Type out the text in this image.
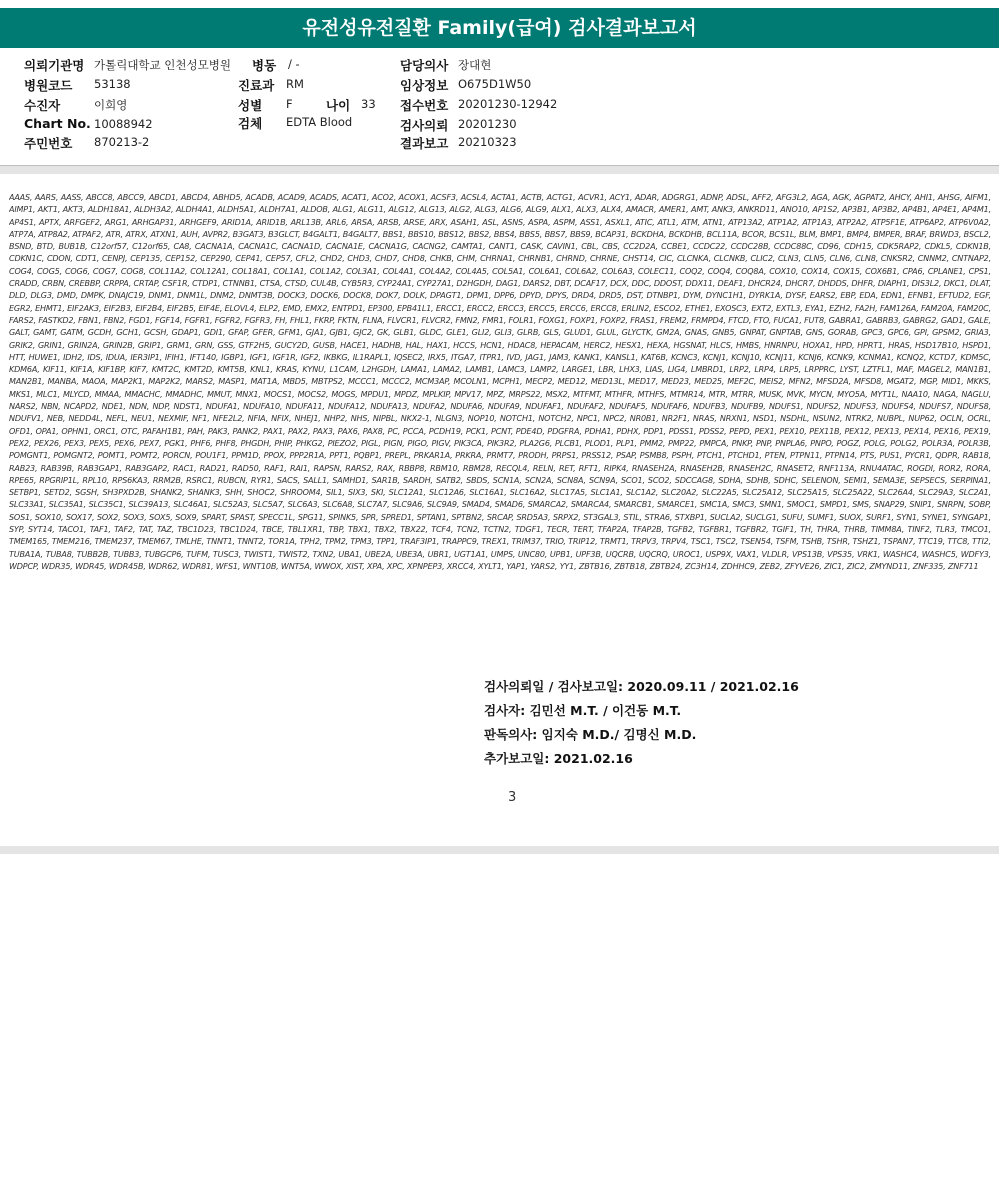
유전성유전질환 Family(급여) 검사결과보고서
의뢰기관명 가톨릭대학교 인천성모병원 병동 / -
병원코드 53138	진료과 RM
수진자	이희영	성별 F	나이 33
Chart No. 10088942	검체 EDTA Blood
주민번호 870213-2
담당의사 장대현
임상정보 O675D1W50
접수번호 20201230-12942
검사의뢰 20201230
결과보고 20210323
AAAS, AARS, AASS, ABCC8, ABCC9, ABCD1, ABCD4, ABHD5, ACADB, ACAD9, ACADS, ACAT1, ACO2, ACOX1, ACSF3, ACSL4, ACTA1, ACTB, ACTG1, ACVR1, ACY1, ADAR, ADGRG1, ADNP, ADSL, AFF2, AFG3L2, AGA, AGK, AGPAT2, AHCY, AHI1, AHSG, AIFM1, AIMP1, AKT1, AKT3, ALDH18A1, ALDH3A2, ALDH4A1, ALDH5A1, ALDH7A1, ALDOB, ALG1, ALG11, ALG12, ALG13, ALG2, ALG3, ALG6, ALG9, ALX1, ALX3, ALX4, AMACR, AMER1, AMT, ANK3, ANKRD11, ANO10, AP1S2, AP3B1, AP3B2, AP4B1, AP4E1, AP4M1, AP4S1, APTX, ARFGEF2, ARG1, ARHGAP31, ARHGEF9, ARID1A, ARID1B, ARL13B, ARL6, ARSA, ARSB, ARSE, ARX, ASAH1, ASL, ASNS, ASPA, ASPM, ASS1, ASXL1, ATIC, ATL1, ATM, ATN1, ATP13A2, ATP1A2, ATP1A3, ATP2A2, ATP5F1E, ATP6AP2, ATP6V0A2, ATP7A, ATP8A2, ATPAF2, ATR, ATRX, ATXN1, AUH, AVPR2, B3GAT3, B3GLCT, B4GALT1, B4GALT7, BBS1, BBS10, BBS12, BBS2, BBS4, BBS5, BBS7, BBS9, BCAP31, BCKDHA, BCKDHB, BCL11A, BCOR, BCS1L, BLM, BMP1, BMP4, BMPER, BRAF, BRWD3, BSCL2, BSND, BTD, BUB1B, C12orf57, C12orf65, CA8, CACNA1A, CACNA1C, CACNA1D, CACNA1E, CACNA1G, CACNG2, CAMTA1, CANT1, CASK, CAVIN1, CBL, CBS, CC2D2A, CCBE1, CCDC22, CCDC28B, CCDC88C, CD96, CDH15, CDK5RAP2, CDKL5, CDKN1B, CDKN1C, CDON, CDT1, CENPJ, CEP135, CEP152, CEP290, CEP41, CEP57, CFL2, CHD2, CHD3, CHD7, CHD8, CHKB, CHM, CHRNA1, CHRNB1, CHRND, CHRNE, CHST14, CIC, CLCNKA, CLCNKB, CLIC2, CLN3, CLN5, CLN6, CLN8, CNKSR2, CNNM2, CNTNAP2, COG4, COG5, COG6, COG7, COG8, COL11A2, COL12A1, COL18A1, COL1A1, COL1A2, COL3A1, COL4A1, COL4A2, COL4A5, COL5A1, COL6A1, COL6A2, COL6A3, COLEC11, COQ2, COQ4, COQ8A, COX10, COX14, COX15, COX6B1, CPA6, CPLANE1, CPS1, CRADD, CRBN, CREBBP, CRPPA, CRTAP, CSF1R, CTDP1, CTNNB1, CTSA, CTSD, CUL4B, CYB5R3, CYP24A1, CYP27A1, D2HGDH, DAG1, DARS2, DBT, DCAF17, DCX, DDC, DDOST, DDX11, DEAF1, DHCR24, DHCR7, DHDDS, DHFR, DIAPH1, DIS3L2, DKC1, DLAT, DLD, DLG3, DMD, DMPK, DNAJC19, DNM1, DNM1L, DNM2, DNMT3B, DOCK3, DOCK6, DOCK8, DOK7, DOLK, DPAGT1, DPM1, DPP6, DPYD, DPYS, DRD4, DRD5, DST, DTNBP1, DYM, DYNC1H1, DYRK1A, DYSF, EARS2, EBP, EDA, EDN1, EFNB1, EFTUD2, EGF, EGR2, EHMT1, EIF2AK3, EIF2B3, EIF2B4, EIF2B5, EIF4E, ELOVL4, ELP2, EMD, EMX2, ENTPD1, EP300, EPB41L1, ERCC1, ERCC2, ERCC3, ERCC5, ERCC6, ERCC8, ERLIN2, ESCO2, ETHE1, EXOSC3, EXT2, EXTL3, EYA1, EZH2, FA2H, FAM126A, FAM20A, FAM20C, FARS2, FASTKD2, FBN1, FBN2, FGD1, FGF14, FGFR1, FGFR2, FGFR3, FH, FHL1, FKRP, FKTN, FLNA, FLVCR1, FLVCR2, FMN2, FMR1, FOLR1, FOXG1, FOXP1, FOXP2, FRAS1, FREM2, FRMPD4, FTCD, FTO, FUCA1, FUT8, GABRA1, GABRB3, GABRG2, GAD1, GALE, GALT, GAMT, GATM, GCDH, GCH1, GCSH, GDAP1, GDI1, GFAP, GFER, GFM1, GJA1, GJB1, GJC2, GK, GLB1, GLDC, GLE1, GLI2, GLI3, GLRB, GLS, GLUD1, GLUL, GLYCTK, GM2A, GNAS, GNB5, GNPAT, GNPTAB, GNS, GORAB, GPC3, GPC6, GPI, GPSM2, GRIA3, GRIK2, GRIN1, GRIN2A, GRIN2B, GRIP1, GRM1, GRN, GSS, GTF2H5, GUCY2D, GUSB, HACE1, HADHB, HAL, HAX1, HCCS, HCN1, HDAC8, HEPACAM, HERC2, HESX1, HEXA, HGSNAT, HLCS, HMBS, HNRNPU, HOXA1, HPD, HPRT1, HRAS, HSD17B10, HSPD1, HTT, HUWE1, IDH2, IDS, IDUA, IER3IP1, IFIH1, IFT140, IGBP1, IGF1, IGF1R, IGF2, IKBKG, IL1RAPL1, IQSEC2, IRX5, ITGA7, ITPR1, IVD, JAG1, JAM3, KANK1, KANSL1, KAT6B, KCNC3, KCNJ1, KCNJ10, KCNJ11, KCNJ6, KCNK9, KCNMA1, KCNQ2, KCTD7, KDM5C, KDM6A, KIF11, KIF1A, KIF1BP, KIF7, KMT2C, KMT2D, KMT5B, KNL1, KRAS, KYNU, L1CAM, L2HGDH, LAMA1, LAMA2, LAMB1, LAMC3, LAMP2, LARGE1, LBR, LHX3, LIAS, LIG4, LMBRD1, LRP2, LRP4, LRP5, LRPPRC, LYST, LZTFL1, MAF, MAGEL2, MAN1B1, MAN2B1, MANBA, MAOA, MAP2K1, MAP2K2, MARS2, MASP1, MAT1A, MBD5, MBTPS2, MCCC1, MCCC2, MCM3AP, MCOLN1, MCPH1, MECP2, MED12, MED13L, MED17, MED23, MED25, MEF2C, MEIS2, MFN2, MFSD2A, MFSD8, MGAT2, MGP, MID1, MKKS, MKS1, MLC1, MLYCD, MMAA, MMACHC, MMADHC, MMUT, MNX1, MOCS1, MOCS2, MOGS, MPDU1, MPDZ, MPLKIP, MPV17, MPZ, MRPS22, MSX2, MTFMT, MTHFR, MTHFS, MTMR14, MTR, MTRR, MUSK, MVK, MYCN, MYO5A, MYT1L, NAA10, NAGA, NAGLU, NARS2, NBN, NCAPD2, NDE1, NDN, NDP, NDST1, NDUFA1, NDUFA10, NDUFA11, NDUFA12, NDUFA13, NDUFA2, NDUFA6, NDUFA9, NDUFAF1, NDUFAF2, NDUFAF5, NDUFAF6, NDUFB3, NDUFB9, NDUFS1, NDUFS2, NDUFS3, NDUFS4, NDUFS7, NDUFS8, NDUFV1, NEB, NEDD4L, NEFL, NEU1, NEXMIF, NF1, NFE2L2, NFIA, NFIX, NHEJ1, NHP2, NHS, NIPBL, NKX2-1, NLGN3, NOP10, NOTCH1, NOTCH2, NPC1, NPC2, NR0B1, NR2F1, NRAS, NRXN1, NSD1, NSDHL, NSUN2, NTRK2, NUBPL, NUP62, OCLN, OCRL, OFD1, OPA1, OPHN1, ORC1, OTC, PAFAH1B1, PAH, PAK3, PANK2, PAX1, PAX2, PAX3, PAX6, PAX8, PC, PCCA, PCDH19, PCK1, PCNT, PDE4D, PDGFRA, PDHA1, PDHX, PDP1, PDSS1, PDSS2, PEPD, PEX1, PEX10, PEX11B, PEX12, PEX13, PEX14, PEX16, PEX19, PEX2, PEX26, PEX3, PEX5, PEX6, PEX7, PGK1, PHF6, PHF8, PHGDH, PHIP, PHKG2, PIEZO2, PIGL, PIGN, PIGO, PIGV, PIK3CA, PIK3R2, PLA2G6, PLCB1, PLOD1, PLP1, PMM2, PMP22, PMPCA, PNKP, PNP, PNPLA6, PNPO, POGZ, POLG, POLG2, POLR3A, POLR3B, POMGNT1, POMGNT2, POMT1, POMT2, PORCN, POU1F1, PPM1D, PPOX, PPP2R1A, PPT1, PQBP1, PREPL, PRKAR1A, PRKRA, PRMT7, PRODH, PRPS1, PRSS12, PSAP, PSMB8, PSPH, PTCH1, PTCHD1, PTEN, PTPN11, PTPN14, PTS, PUS1, PYCR1, QDPR, RAB18, RAB23, RAB39B, RAB3GAP1, RAB3GAP2, RAC1, RAD21, RAD50, RAF1, RAI1, RAPSN, RARS2, RAX, RBBP8, RBM10, RBM28, RECQL4, RELN, RET, RFT1, RIPK4, RNASEH2A, RNASEH2B, RNASEH2C, RNASET2, RNF113A, RNU4ATAC, ROGDI, ROR2, RORA, RPE65, RPGRIP1L, RPL10, RPS6KA3, RRM2B, RSRC1, RUBCN, RYR1, SACS, SALL1, SAMHD1, SAR1B, SARDH, SATB2, SBDS, SCN1A, SCN2A, SCN8A, SCN9A, SCO1, SCO2, SDCCAG8, SDHA, SDHB, SDHC, SELENON, SEMI1, SEMA3E, SEPSECS, SERPINA1, SETBP1, SETD2, SGSH, SH3PXD2B, SHANK2, SHANK3, SHH, SHOC2, SHROOM4, SIL1, SIX3, SKI, SLC12A1, SLC12A6, SLC16A1, SLC16A2, SLC17A5, SLC1A1, SLC1A2, SLC20A2, SLC22A5, SLC25A12, SLC25A15, SLC25A22, SLC26A4, SLC29A3, SLC2A1, SLC33A1, SLC35A1, SLC35C1, SLC39A13, SLC46A1, SLC52A3, SLC5A7, SLC6A3, SLC6A8, SLC7A7, SLC9A6, SLC9A9, SMAD4, SMAD6, SMARCA2, SMARCA4, SMARCB1, SMARCE1, SMC1A, SMC3, SMN1, SMOC1, SMPD1, SMS, SNAP29, SNIP1, SNRPN, SOBP, SOS1, SOX10, SOX17, SOX2, SOX3, SOX5, SOX9, SPART, SPAST, SPECC1L, SPG11, SPINK5, SPR, SPRED1, SPTAN1, SPTBN2, SRCAP, SRD5A3, SRPX2, ST3GAL3, STIL, STRA6, STXBP1, SUCLA2, SUCLG1, SUFU, SUMF1, SUOX, SURF1, SYN1, SYNE1, SYNGAP1, SYP, SYT14, TACO1, TAF1, TAF2, TAT, TAZ, TBC1D23, TBC1D24, TBCE, TBL1XR1, TBP, TBX1, TBX2, TBX22, TCF4, TCN2, TCTN2, TDGF1, TECR, TERT, TFAP2A, TFAP2B, TGFB2, TGFBR1, TGFBR2, TGIF1, TH, THRA, THRB, TIMM8A, TINF2, TLR3, TMCO1, TMEM165, TMEM216, TMEM237, TMEM67, TMLHE, TNNT1, TNNT2, TOR1A, TPH2, TPM2, TPM3, TPP1, TRAF3IP1, TRAPPC9, TREX1, TRIM37, TRIO, TRIP12, TRMT1, TRPV3, TRPV4, TSC1, TSC2, TSEN54, TSFM, TSHB, TSHR, TSHZ1, TSPAN7, TTC19, TTC8, TTI2, TUBA1A, TUBA8, TUBB2B, TUBB3, TUBGCP6, TUFM, TUSC3, TWIST1, TWIST2, TXN2, UBA1, UBE2A, UBE3A, UBR1, UGT1A1, UMPS, UNC80, UPB1, UPF3B, UQCRB, UQCRQ, UROC1, USP9X, VAX1, VLDLR, VPS13B, VPS35, VRK1, WASHC4, WASHC5, WDFY3, WDPCP, WDR35, WDR45, WDR45B, WDR62, WDR81, WFS1, WNT10B, WNT5A, WWOX, XIST, XPA, XPC, XPNPEP3, XRCC4, XYLT1, YAP1, YARS2, YY1, ZBTB16, ZBTB18, ZBTB24, ZC3H14, ZDHHC9, ZEB2, ZFYVE26, ZIC1, ZIC2, ZMYND11, ZNF335, ZNF711
검사의뢰일 / 검사보고일: 2020.09.11 / 2021.02.16
검사자: 김민선 M.T. / 이건동 M.T.
판독의사: 임지숙 M.D./ 김명신 M.D.
추가보고일: 2021.02.16
3
